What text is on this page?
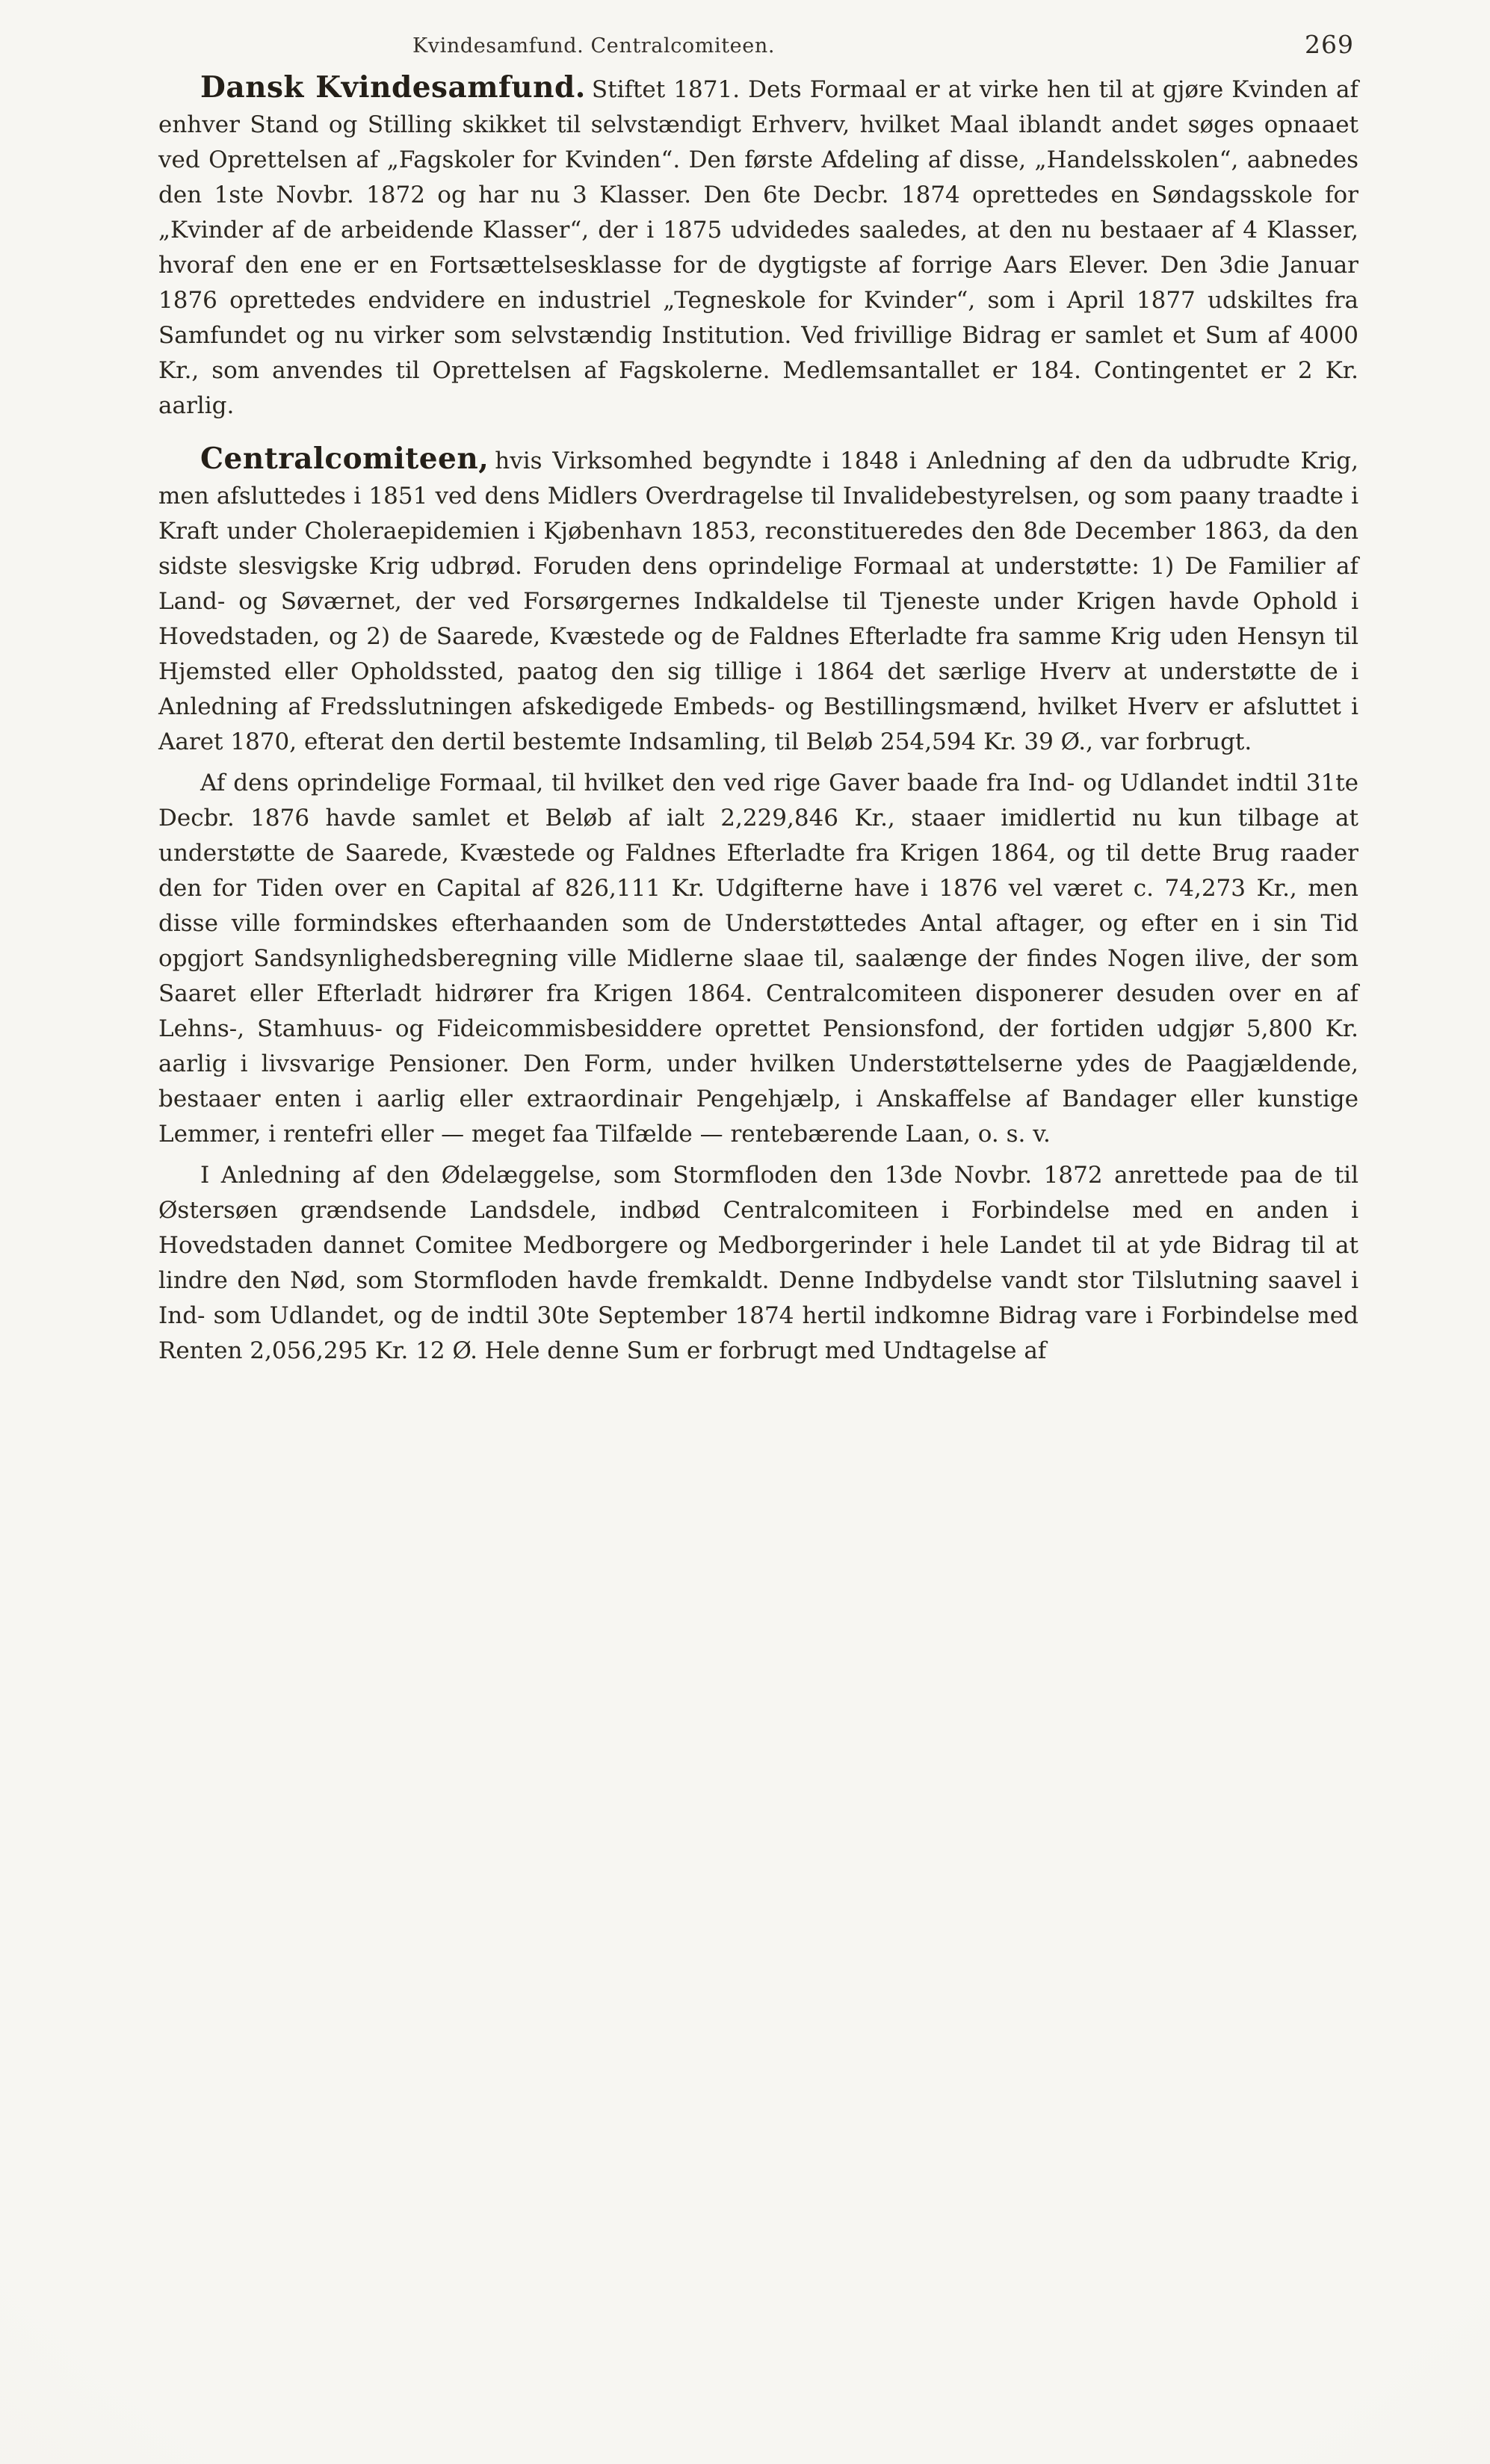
Kvindesamfund. Centralcomiteen.	269

Dansk Kvindesamfund. Stiftet 1871. Dets Formaal er at virke hen til at gjøre Kvinden af enhver Stand og Stilling skikket til selvstændigt Erhverv, hvilket Maal iblandt andet søges opnaaet ved Oprettelsen af „Fagskoler for Kvinden“. Den første Afdeling af disse, „Handelsskolen“, aabnedes den 1ste Novbr. 1872 og har nu 3 Klasser. Den 6te Decbr. 1874 oprettedes en Søndagsskole for „Kvinder af de arbeidende Klasser“, der i 1875 udvidedes saaledes, at den nu bestaaer af 4 Klasser, hvoraf den ene er en Fortsættelsesklasse for de dygtigste af forrige Aars Elever. Den 3die Januar 1876 oprettedes endvidere en industriel „Tegneskole for Kvinder“, som i April 1877 udskiltes fra Samfundet og nu virker som selvstændig Institution. Ved frivillige Bidrag er samlet et Sum af 4000 Kr., som anvendes til Oprettelsen af Fagskolerne. Medlemsantallet er 184. Contingentet er 2 Kr. aarlig.

Centralcomiteen, hvis Virksomhed begyndte i 1848 i Anledning af den da udbrudte Krig, men afsluttedes i 1851 ved dens Midlers Overdragelse til Invalidebestyrelsen, og som paany traadte i Kraft under Choleraepidemien i Kjøbenhavn 1853, reconstitueredes den 8de December 1863, da den sidste slesvigske Krig udbrød. Foruden dens oprindelige Formaal at understøtte: 1) De Familier af Land- og Søværnet, der ved Forsørgernes Indkaldelse til Tjeneste under Krigen havde Ophold i Hovedstaden, og 2) de Saarede, Kvæstede og de Faldnes Efterladte fra samme Krig uden Hensyn til Hjemsted eller Opholdssted, paatog den sig tillige i 1864 det særlige Hverv at understøtte de i Anledning af Fredsslutningen afskedigede Embeds- og Bestillingsmænd, hvilket Hverv er afsluttet i Aaret 1870, efterat den dertil bestemte Indsamling, til Beløb 254,594 Kr. 39 Ø., var forbrugt.

Af dens oprindelige Formaal, til hvilket den ved rige Gaver baade fra Ind- og Udlandet indtil 31te Decbr. 1876 havde samlet et Beløb af ialt 2,229,846 Kr., staaer imidlertid nu kun tilbage at understøtte de Saarede, Kvæstede og Faldnes Efterladte fra Krigen 1864, og til dette Brug raader den for Tiden over en Capital af 826,111 Kr. Udgifterne have i 1876 vel været c. 74,273 Kr., men disse ville formindskes efterhaanden som de Understøttedes Antal aftager, og efter en i sin Tid opgjort Sandsynlighedsberegning ville Midlerne slaae til, saalænge der findes Nogen ilive, der som Saaret eller Efterladt hidrører fra Krigen 1864. Centralcomiteen disponerer desuden over en af Lehns-, Stamhuus- og Fideicommisbesiddere oprettet Pensionsfond, der fortiden udgjør 5,800 Kr. aarlig i livsvarige Pensioner. Den Form, under hvilken Understøttelserne ydes de Paagjældende, bestaaer enten i aarlig eller extraordinair Pengehjælp, i Anskaffelse af Bandager eller kunstige Lemmer, i rentefri eller — meget faa Tilfælde — rentebærende Laan, o. s. v.

I Anledning af den Ødelæggelse, som Stormfloden den 13de Novbr. 1872 anrettede paa de til Østersøen grændsende Landsdele, indbød Centralcomiteen i Forbindelse med en anden i Hovedstaden dannet Comitee Medborgere og Medborgerinder i hele Landet til at yde Bidrag til at lindre den Nød, som Stormfloden havde fremkaldt. Denne Indbydelse vandt stor Tilslutning saavel i Ind- som Udlandet, og de indtil 30te September 1874 hertil indkomne Bidrag vare i Forbindelse med Renten 2,056,295 Kr. 12 Ø. Hele denne Sum er forbrugt med Undtagelse af
